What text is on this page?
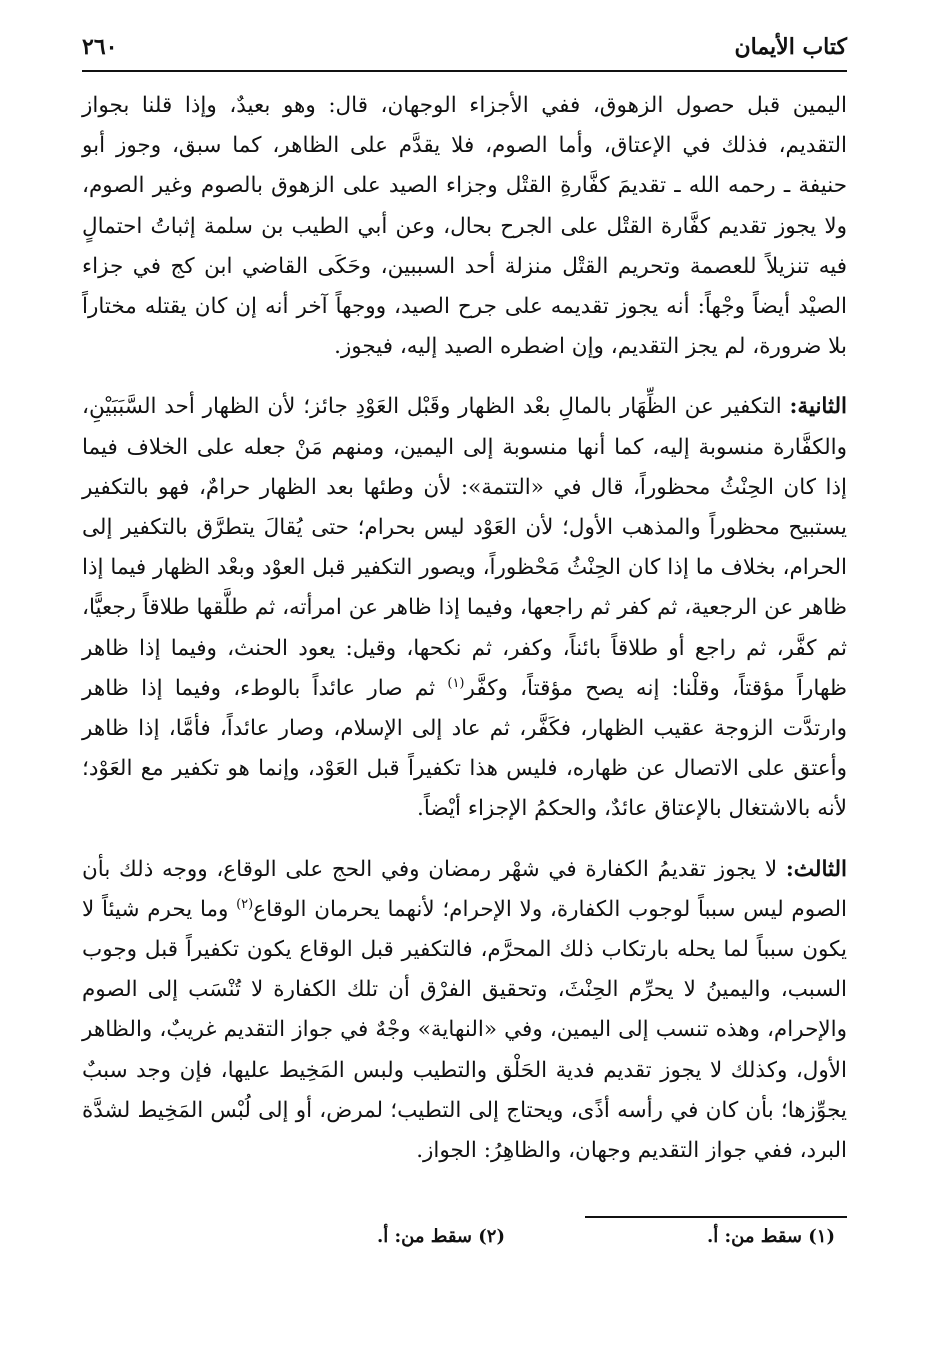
كتاب الأيمان
٢٦٠

اليمين قبل حصول الزهوق، ففي الأجزاء الوجهان، قال: وهو بعيدٌ، وإذا قلنا بجواز التقديم، فذلك في الإعتاق، وأما الصوم، فلا يقدَّم على الظاهر، كما سبق، وجوز أبو حنيفة ـ رحمه الله ـ تقديمَ كفَّارةِ القتْل وجزاء الصيد على الزهوق بالصوم وغير الصوم، ولا يجوز تقديم كفَّارة القتْل على الجرح بحال، وعن أبي الطيب بن سلمة إثباتُ احتمالٍ فيه تنزيلاً للعصمة وتحريم القتْل منزلة أحد السببين، وحَكَى القاضي ابن كج في جزاء الصيْد أيضاً وجْهاً: أنه يجوز تقديمه على جرح الصيد، ووجهاً آخر أنه إن كان يقتله مختاراً بلا ضرورة، لم يجز التقديم، وإن اضطره الصيد إليه، فيجوز.

الثانية: التكفير عن الظِّهَار بالمالِ بعْد الظهار وقَبْل العَوْدِ جائز؛ لأن الظهار أحد السَّبَبَيْنِ، والكفَّارة منسوبة إليه، كما أنها منسوبة إلى اليمين، ومنهم مَنْ جعله على الخلاف فيما إذا كان الحِنْثُ محظوراً، قال في «التتمة»: لأن وطئها بعد الظهار حرامٌ، فهو بالتكفير يستبيح محظوراً والمذهب الأول؛ لأن العَوْد ليس بحرام؛ حتى يُقالَ يتطرَّق بالتكفير إلى الحرام، بخلاف ما إذا كان الحِنْثُ مَحْظوراً، ويصور التكفير قبل العوْد وبعْد الظهار فيما إذا ظاهر عن الرجعية، ثم كفر ثم راجعها، وفيما إذا ظاهر عن امرأته، ثم طلَّقها طلاقاً رجعيًّا، ثم كفَّر، ثم راجع أو طلاقاً بائناً، وكفر، ثم نكحها، وقيل: يعود الحنث، وفيما إذا ظاهر ظهاراً مؤقتاً، وقلْنا: إنه يصح مؤقتاً، وكفَّر$^{(١)}$ ثم صار عائداً بالوطء، وفيما إذا ظاهر وارتدَّت الزوجة عقيب الظهار، فكَفَّر، ثم عاد إلى الإسلام، وصار عائداً، فأمَّا، إذا ظاهر وأعتق على الاتصال عن ظهاره، فليس هذا تكفيراً قبل العَوْد، وإنما هو تكفير مع العَوْد؛ لأنه بالاشتغال بالإعتاق عائدٌ، والحكمُ الإجزاء أيْضاً.

الثالث: لا يجوز تقديمُ الكفارة في شهْر رمضان وفي الحج على الوقاع، ووجه ذلك بأن الصوم ليس سبباً لوجوب الكفارة، ولا الإحرام؛ لأنهما يحرمان الوقاع$^{(٢)}$ وما يحرم شيئاً لا يكون سبباً لما يحله بارتكاب ذلك المحرَّم، فالتكفير قبل الوقاع يكون تكفيراً قبل وجوب السبب، واليمينُ لا يحرِّم الحِنْثَ، وتحقيق الفرْق أن تلك الكفارة لا تُنْسَب إلى الصوم والإحرام، وهذه تنسب إلى اليمين، وفي «النهاية» وجْهٌ في جواز التقديم غريبٌ، والظاهر الأول، وكذلك لا يجوز تقديم فدية الحَلْق والتطيب ولبس المَخِيط عليها، فإن وجد سببٌ يجوِّزها؛ بأن كان في رأسه أذًى، ويحتاج إلى التطيب؛ لمرض، أو إلى لُبْس المَخِيط لشدَّة البرد، ففي جواز التقديم وجهان، والظاهِرُ: الجواز.

(١) سقط من: أ.
(٢) سقط من: أ.
